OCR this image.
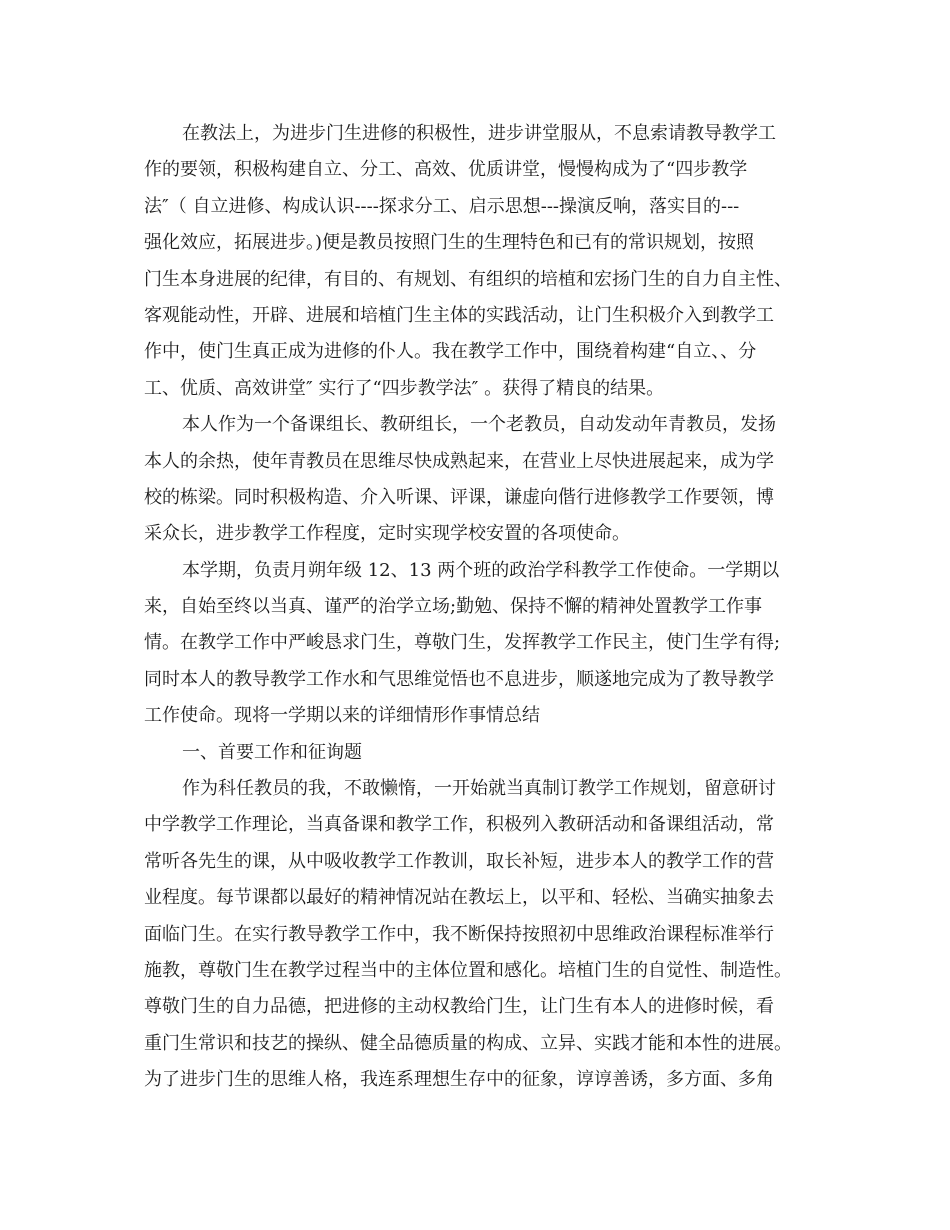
在教法上，为进步门生进修的积极性，进步讲堂服从，不息索请教导教学工
作的要领，积极构建自立、分工、高效、优质讲堂，慢慢构成为了“四步教学
法″（ 自立进修、构成认识----探求分工、启示思想---操演反响，落实目的---
强化效应，拓展进步。)便是教员按照门生的生理特色和已有的常识规划，按照
门生本身进展的纪律，有目的、有规划、有组织的培植和宏扬门生的自力自主性、
客观能动性，开辟、进展和培植门生主体的实践活动，让门生积极介入到教学工
作中，使门生真正成为进修的仆人。我在教学工作中，围绕着构建“自立、、分
工、优质、高效讲堂″ 实行了“四步教学法″ 。获得了精良的结果。
本人作为一个备课组长、教研组长，一个老教员，自动发动年青教员，发扬
本人的余热，使年青教员在思维尽快成熟起来，在营业上尽快进展起来，成为学
校的栋梁。同时积极构造、介入听课、评课，谦虚向偕行进修教学工作要领，博
采众长，进步教学工作程度，定时实现学校安置的各项使命。
本学期，负责月朔年级 12、13 两个班的政治学科教学工作使命。一学期以
来，自始至终以当真、谨严的治学立场;勤勉、保持不懈的精神处置教学工作事
情。在教学工作中严峻恳求门生，尊敬门生，发挥教学工作民主，使门生学有得;
同时本人的教导教学工作水和气思维觉悟也不息进步，顺遂地完成为了教导教学
工作使命。现将一学期以来的详细情形作事情总结
一、首要工作和征询题
作为科任教员的我，不敢懒惰，一开始就当真制订教学工作规划，留意研讨
中学教学工作理论，当真备课和教学工作，积极列入教研活动和备课组活动，常
常听各先生的课，从中吸收教学工作教训，取长补短，进步本人的教学工作的营
业程度。每节课都以最好的精神情况站在教坛上，以平和、轻松、当确实抽象去
面临门生。在实行教导教学工作中，我不断保持按照初中思维政治课程标准举行
施教，尊敬门生在教学过程当中的主体位置和感化。培植门生的自觉性、制造性。
尊敬门生的自力品德，把进修的主动权教给门生，让门生有本人的进修时候，看
重门生常识和技艺的操纵、健全品德质量的构成、立异、实践才能和本性的进展。
为了进步门生的思维人格，我连系理想生存中的征象，谆谆善诱，多方面、多角
